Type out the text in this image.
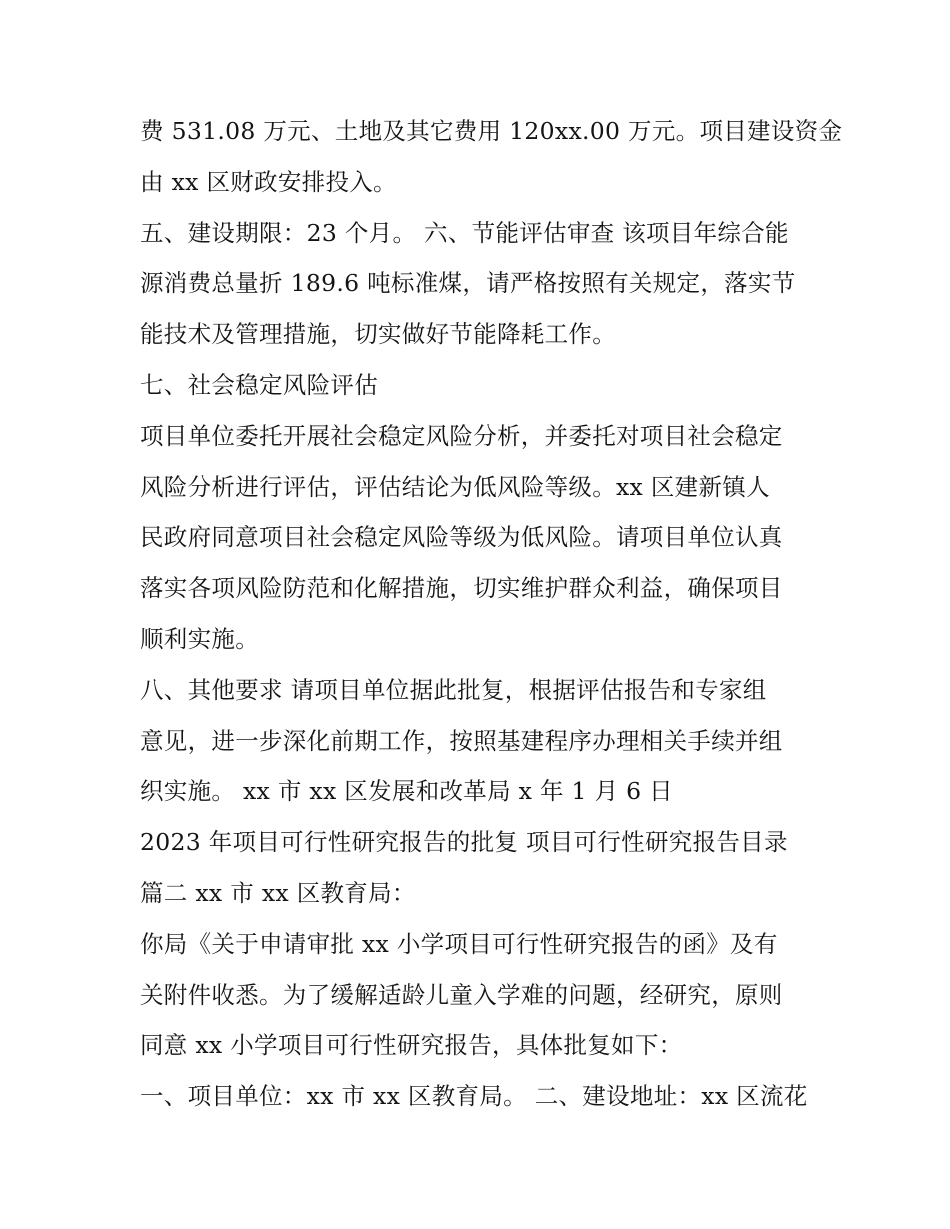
费 531.08 万元、土地及其它费用 120xx.00 万元。项目建设资金
由 xx 区财政安排投入。
五、建设期限：23 个月。 六、节能评估审查 该项目年综合能
源消费总量折 189.6 吨标准煤，请严格按照有关规定，落实节
能技术及管理措施，切实做好节能降耗工作。
七、社会稳定风险评估
项目单位委托开展社会稳定风险分析，并委托对项目社会稳定
风险分析进行评估，评估结论为低风险等级。xx 区建新镇人
民政府同意项目社会稳定风险等级为低风险。请项目单位认真
落实各项风险防范和化解措施，切实维护群众利益，确保项目
顺利实施。
八、其他要求 请项目单位据此批复，根据评估报告和专家组
意见，进一步深化前期工作，按照基建程序办理相关手续并组
织实施。 xx 市 xx 区发展和改革局 x 年 1 月 6 日
2023 年项目可行性研究报告的批复 项目可行性研究报告目录
篇二 xx 市 xx 区教育局：
你局《关于申请审批 xx 小学项目可行性研究报告的函》及有
关附件收悉。为了缓解适龄儿童入学难的问题，经研究，原则
同意 xx 小学项目可行性研究报告，具体批复如下：
一、项目单位：xx 市 xx 区教育局。 二、建设地址：xx 区流花
